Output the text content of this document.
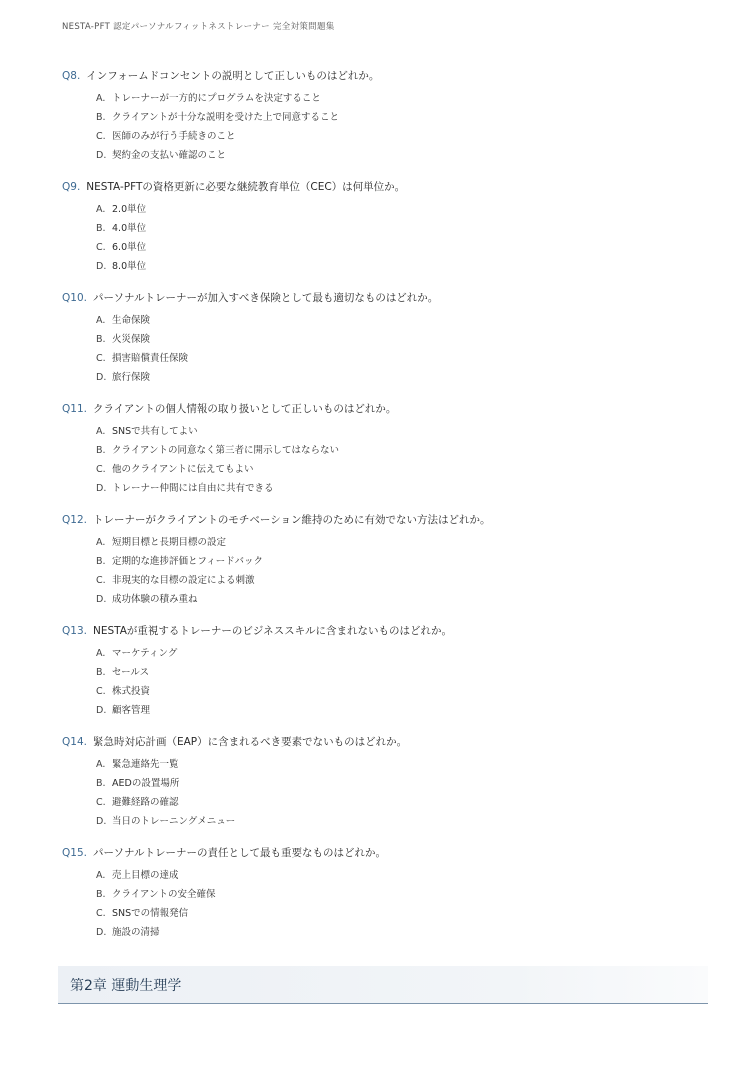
NESTA-PFT 認定パーソナルフィットネストレーナー 完全対策問題集
Q8. インフォームドコンセントの説明として正しいものはどれか。
A. トレーナーが一方的にプログラムを決定すること
B. クライアントが十分な説明を受けた上で同意すること
C. 医師のみが行う手続きのこと
D. 契約金の支払い確認のこと
Q9. NESTA-PFTの資格更新に必要な継続教育単位（CEC）は何単位か。
A. 2.0単位
B. 4.0単位
C. 6.0単位
D. 8.0単位
Q10. パーソナルトレーナーが加入すべき保険として最も適切なものはどれか。
A. 生命保険
B. 火災保険
C. 損害賠償責任保険
D. 旅行保険
Q11. クライアントの個人情報の取り扱いとして正しいものはどれか。
A. SNSで共有してよい
B. クライアントの同意なく第三者に開示してはならない
C. 他のクライアントに伝えてもよい
D. トレーナー仲間には自由に共有できる
Q12. トレーナーがクライアントのモチベーション維持のために有効でない方法はどれか。
A. 短期目標と長期目標の設定
B. 定期的な進捗評価とフィードバック
C. 非現実的な目標の設定による刺激
D. 成功体験の積み重ね
Q13. NESTAが重視するトレーナーのビジネススキルに含まれないものはどれか。
A. マーケティング
B. セールス
C. 株式投資
D. 顧客管理
Q14. 緊急時対応計画（EAP）に含まれるべき要素でないものはどれか。
A. 緊急連絡先一覧
B. AEDの設置場所
C. 避難経路の確認
D. 当日のトレーニングメニュー
Q15. パーソナルトレーナーの責任として最も重要なものはどれか。
A. 売上目標の達成
B. クライアントの安全確保
C. SNSでの情報発信
D. 施設の清掃
第2章 運動生理学
